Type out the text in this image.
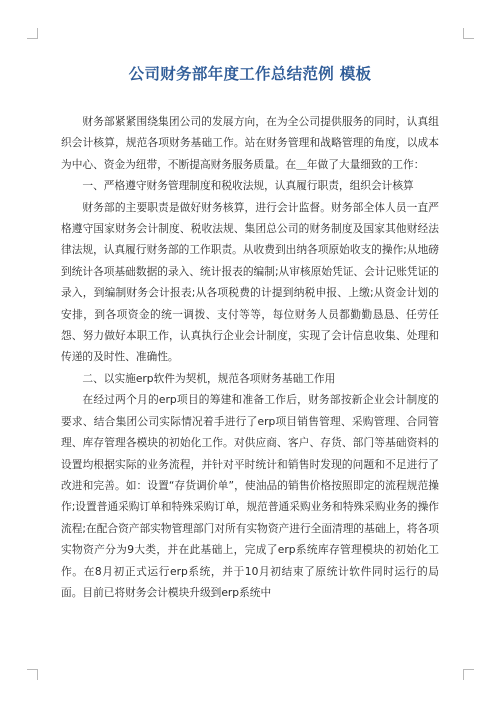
公司财务部年度工作总结范例 模板

财务部紧紧围绕集团公司的发展方向，在为全公司提供服务的同时，认真组织会计核算，规范各项财务基础工作。站在财务管理和战略管理的角度，以成本为中心、资金为纽带，不断提高财务服务质量。在＿年做了大量细致的工作：

一、严格遵守财务管理制度和税收法规，认真履行职责，组织会计核算

财务部的主要职责是做好财务核算，进行会计监督。财务部全体人员一直严格遵守国家财务会计制度、税收法规、集团总公司的财务制度及国家其他财经法律法规，认真履行财务部的工作职责。从收费到出纳各项原始收支的操作;从地磅到统计各项基础数据的录入、统计报表的编制;从审核原始凭证、会计记账凭证的录入，到编制财务会计报表;从各项税费的计提到纳税申报、上缴;从资金计划的安排，到各项资金的统一调拨、支付等等，每位财务人员都勤勤恳恳、任劳任怨、努力做好本职工作，认真执行企业会计制度，实现了会计信息收集、处理和传递的及时性、准确性。

二、以实施erp软件为契机，规范各项财务基础工作用

在经过两个月的erp项目的筹建和准备工作后，财务部按新企业会计制度的要求、结合集团公司实际情况着手进行了erp项目销售管理、采购管理、合同管理、库存管理各模块的初始化工作。对供应商、客户、存货、部门等基础资料的设置均根据实际的业务流程，并针对平时统计和销售时发现的问题和不足进行了改进和完善。如：设置“存货调价单”，使油品的销售价格按照即定的流程规范操作;设置普通采购订单和特殊采购订单，规范普通采购业务和特殊采购业务的操作流程;在配合资产部实物管理部门对所有实物资产进行全面清理的基础上，将各项实物资产分为9大类，并在此基础上，完成了erp系统库存管理模块的初始化工作。在8月初正式运行erp系统，并于10月初结束了原统计软件同时运行的局面。目前已将财务会计模块升级到erp系统中
